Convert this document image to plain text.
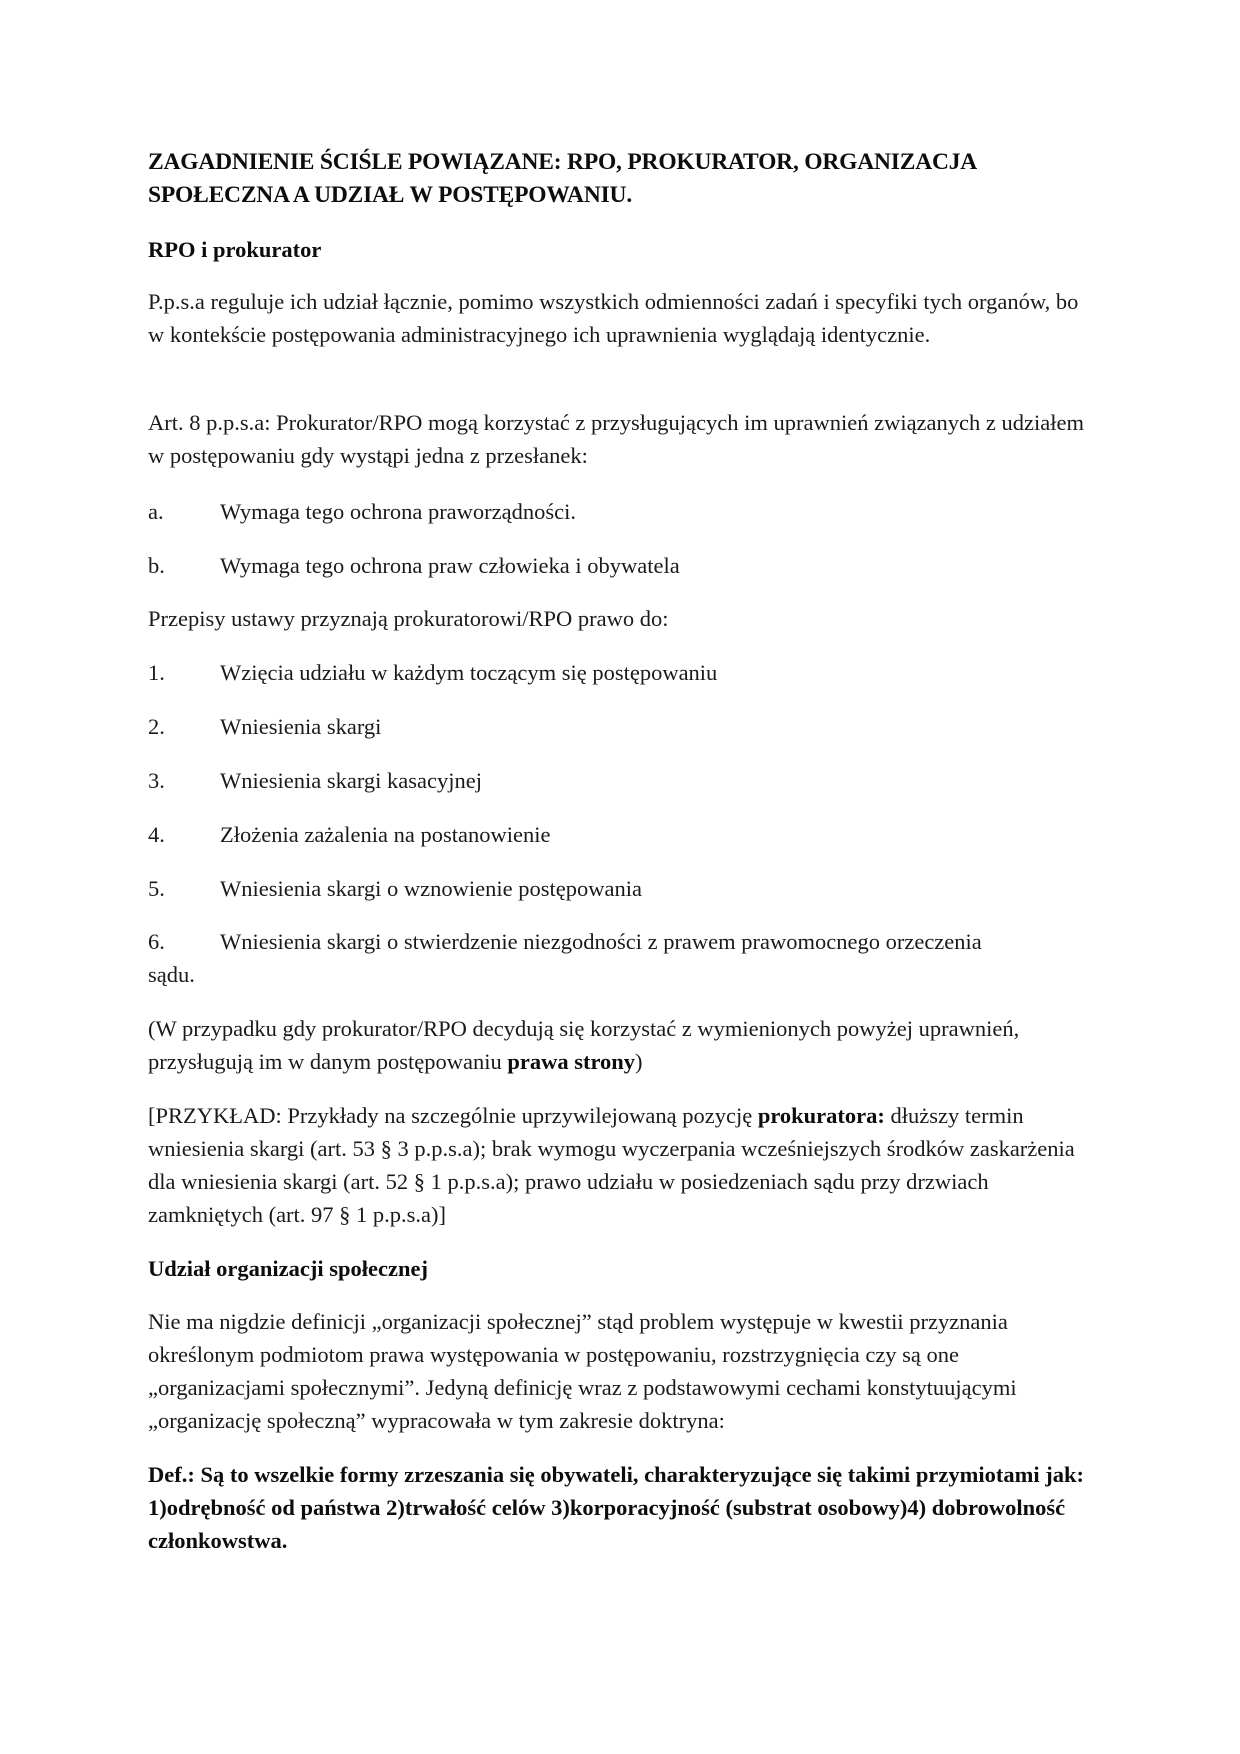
ZAGADNIENIE ŚCIŚLE POWIĄZANE: RPO, PROKURATOR, ORGANIZACJA
SPOŁECZNA A UDZIAŁ W POSTĘPOWANIU.
RPO i prokurator
P.p.s.a reguluje ich udział łącznie, pomimo wszystkich odmienności zadań i specyfiki tych organów, bo w kontekście postępowania administracyjnego ich uprawnienia wyglądają identycznie.
Art. 8 p.p.s.a: Prokurator/RPO mogą korzystać z przysługujących im uprawnień związanych z udziałem w postępowaniu gdy wystąpi jedna z przesłanek:
a.	Wymaga tego ochrona praworządności.
b.	Wymaga tego ochrona praw człowieka i obywatela
Przepisy ustawy przyznają prokuratorowi/RPO prawo do:
1.	Wzięcia udziału w każdym toczącym się postępowaniu
2.	Wniesienia skargi
3.	Wniesienia skargi kasacyjnej
4.	Złożenia zażalenia na postanowienie
5.	Wniesienia skargi o wznowienie postępowania
6.	Wniesienia skargi o stwierdzenie niezgodności z prawem prawomocnego orzeczenia
sądu.
(W przypadku gdy prokurator/RPO decydują się korzystać z wymienionych powyżej uprawnień, przysługują im w danym postępowaniu prawa strony)
[PRZYKŁAD: Przykłady na szczególnie uprzywilejowaną pozycję prokuratora: dłuższy termin wniesienia skargi (art. 53 § 3 p.p.s.a); brak wymogu wyczerpania wcześniejszych środków zaskarżenia dla wniesienia skargi (art. 52 § 1 p.p.s.a); prawo udziału w posiedzeniach sądu przy drzwiach zamkniętych (art. 97 § 1 p.p.s.a)]
Udział organizacji społecznej
Nie ma nigdzie definicji „organizacji społecznej” stąd problem występuje w kwestii przyznania określonym podmiotom prawa występowania w postępowaniu, rozstrzygnięcia czy są one „organizacjami społecznymi”. Jedyną definicję wraz z podstawowymi cechami konstytuującymi „organizację społeczną” wypracowała w tym zakresie doktryna:
Def.: Są to wszelkie formy zrzeszania się obywateli, charakteryzujące się takimi przymiotami jak: 1)odrębność od państwa 2)trwałość celów 3)korporacyjność (substrat osobowy)4) dobrowolność członkowstwa.
